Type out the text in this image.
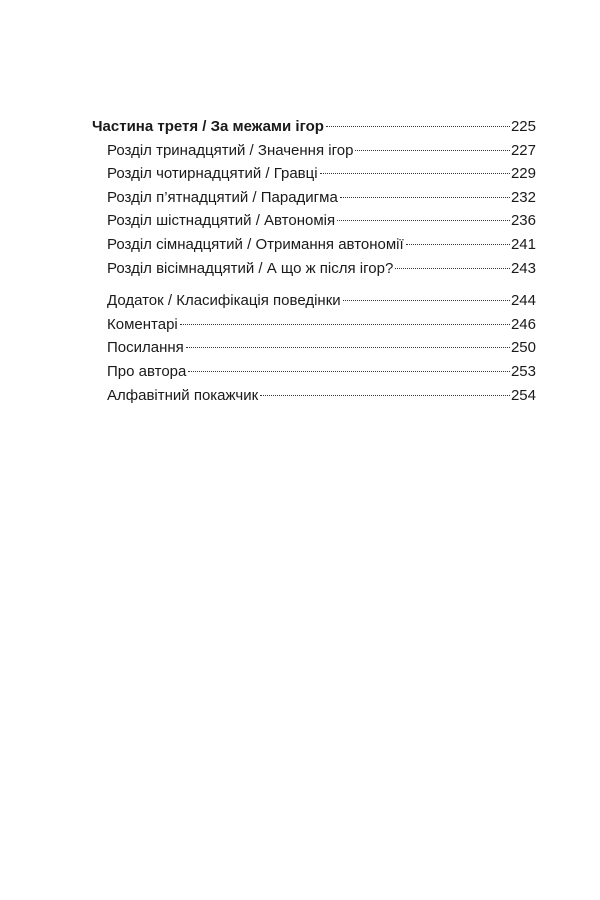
Частина третя / За межами ігор	225
Розділ тринадцятий / Значення ігор	227
Розділ чотирнадцятий / Гравці	229
Розділ п’ятнадцятий / Парадигма	232
Розділ шістнадцятий / Автономія	236
Розділ сімнадцятий / Отримання автономії	241
Розділ вісімнадцятий / А що ж після ігор?	243
Додаток / Класифікація поведінки	244
Коментарі	246
Посилання	250
Про автора	253
Алфавітний покажчик	254
